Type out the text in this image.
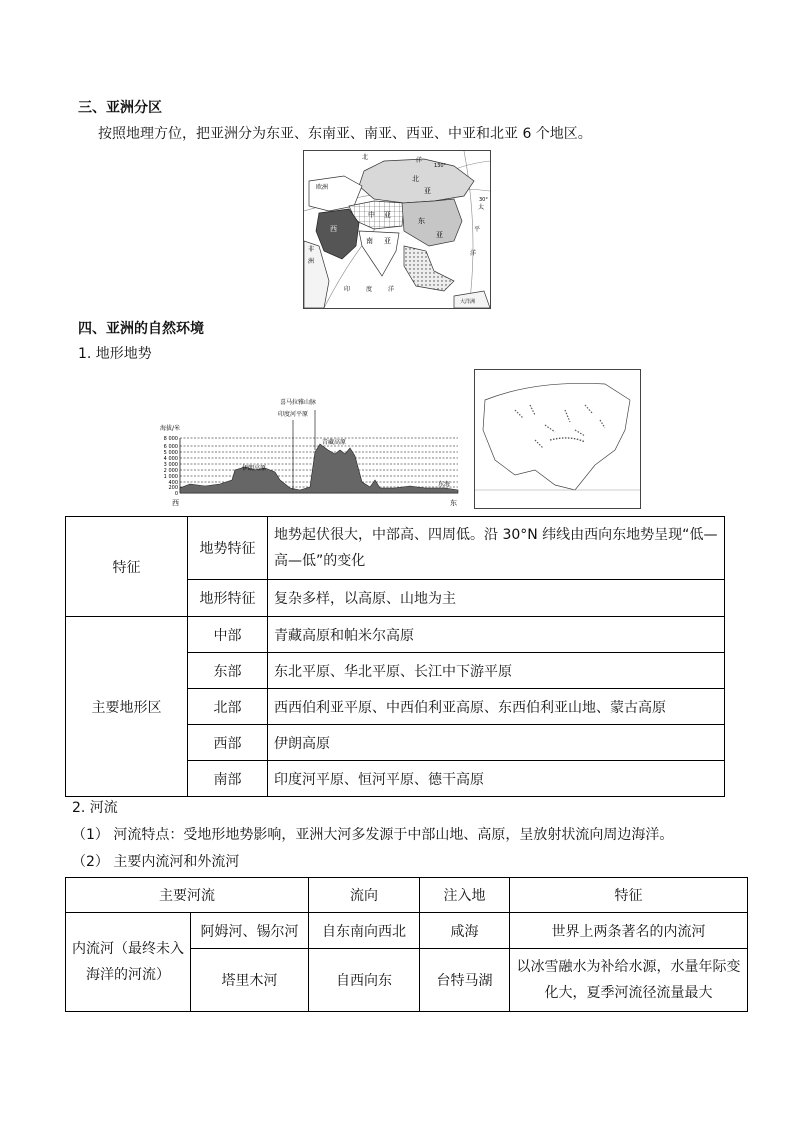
三、亚洲分区
按照地理方位，把亚洲分为东亚、东南亚、南亚、西亚、中亚和北亚 6 个地区。
北	洋
130°
北
亚
欧洲
中 亚
东
亚
西
南 亚
非
洲
印	度	洋
太
平
洋
30°
大洋洲
四、亚洲的自然环境
1. 地形地势
海拔/米
8 000
6 000
5 000
4 000
3 000
2 000
1 000
400
200
0
喜马拉雅山脉
印度河平原
青藏高原
伊朗高原
东海
西	东
特征	地势特征	地势起伏很大，中部高、四周低。沿 30°N 纬线由西向东地势呈现“低—高—低”的变化
	地形特征	复杂多样，以高原、山地为主
主要地形区	中部	青藏高原和帕米尔高原
	东部	东北平原、华北平原、长江中下游平原
	北部	西西伯利亚平原、中西伯利亚高原、东西伯利亚山地、蒙古高原
	西部	伊朗高原
	南部	印度河平原、恒河平原、德干高原
2. 河流
（1） 河流特点：受地形地势影响，亚洲大河多发源于中部山地、高原，呈放射状流向周边海洋。
（2） 主要内流河和外流河
主要河流		流向	注入地	特征
内流河（最终未入海洋的河流）	阿姆河、锡尔河	自东南向西北	咸海	世界上两条著名的内流河
	塔里木河	自西向东	台特马湖	以冰雪融水为补给水源，水量年际变化大，夏季河流径流量最大
